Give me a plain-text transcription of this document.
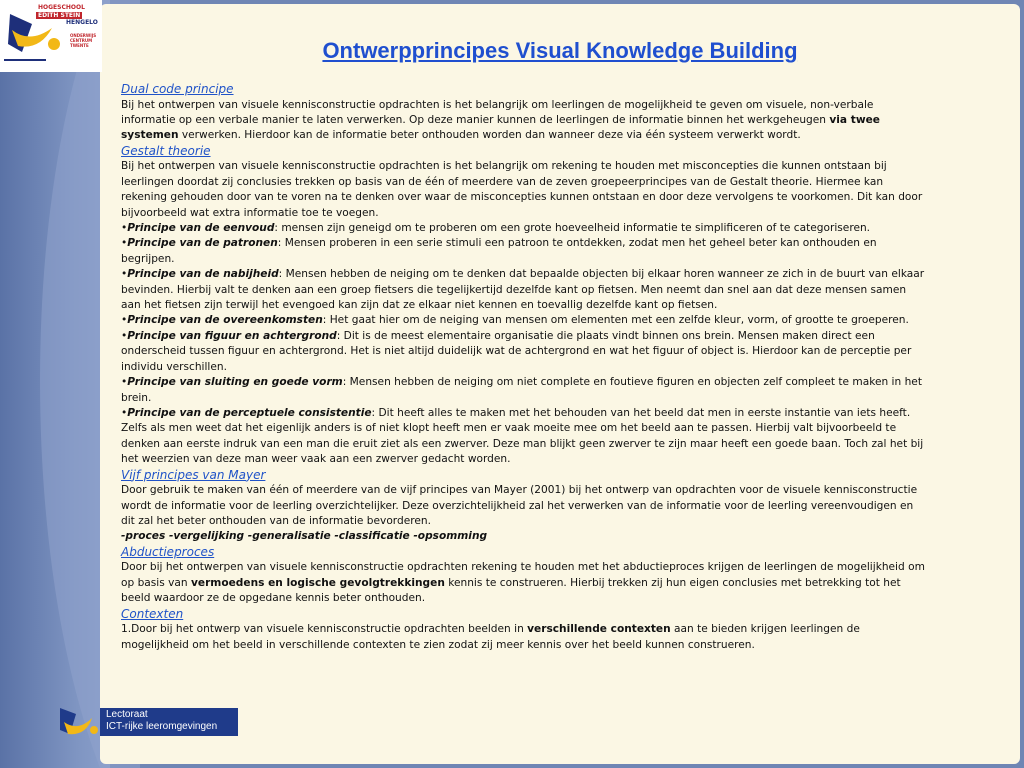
HOGESCHOOL
EDITH STEIN
HENGELO
ONDERWIJS
CENTRUM
TWENTE	Ontwerpprincipes Visual Knowledge Building

Dual code principe

Bij het ontwerpen van visuele kennisconstructie opdrachten is het belangrijk om leerlingen de mogelijkheid te geven om visuele, non-verbale informatie op een verbale manier te laten verwerken. Op deze manier kunnen de leerlingen de informatie binnen het werkgeheugen via twee systemen verwerken. Hierdoor kan de informatie beter onthouden worden dan wanneer deze via één systeem verwerkt wordt.

Gestalt theorie

Bij het ontwerpen van visuele kennisconstructie opdrachten is het belangrijk om rekening te houden met misconcepties die kunnen ontstaan bij leerlingen doordat zij conclusies trekken op basis van de één of meerdere van de zeven groepeerprincipes van de Gestalt theorie. Hiermee kan rekening gehouden door van te voren na te denken over waar de misconcepties kunnen ontstaan en door deze vervolgens te voorkomen. Dit kan door bijvoorbeeld wat extra informatie toe te voegen.

•Principe van de eenvoud: mensen zijn geneigd om te proberen om een grote hoeveelheid informatie te simplificeren of te categoriseren.

•Principe van de patronen: Mensen proberen in een serie stimuli een patroon te ontdekken, zodat men het geheel beter kan onthouden en begrijpen.

•Principe van de nabijheid: Mensen hebben de neiging om te denken dat bepaalde objecten bij elkaar horen wanneer ze zich in de buurt van elkaar bevinden. Hierbij valt te denken aan een groep fietsers die tegelijkertijd dezelfde kant op fietsen. Men neemt dan snel aan dat deze mensen samen aan het fietsen zijn terwijl het evengoed kan zijn dat ze elkaar niet kennen en toevallig dezelfde kant op fietsen.

•Principe van de overeenkomsten: Het gaat hier om de neiging van mensen om elementen met een zelfde kleur, vorm, of grootte te groeperen.

•Principe van figuur en achtergrond: Dit is de meest elementaire organisatie die plaats vindt binnen ons brein. Mensen maken direct een onderscheid tussen figuur en achtergrond. Het is niet altijd duidelijk wat de achtergrond en wat het figuur of object is. Hierdoor kan de perceptie per individu verschillen.

•Principe van sluiting en goede vorm: Mensen hebben de neiging om niet complete en foutieve figuren en objecten zelf compleet te maken in het brein.

•Principe van de perceptuele consistentie: Dit heeft alles te maken met het behouden van het beeld dat men in eerste instantie van iets heeft. Zelfs als men weet dat het eigenlijk anders is of niet klopt heeft men er vaak moeite mee om het beeld aan te passen. Hierbij valt bijvoorbeeld te denken aan eerste indruk van een man die eruit ziet als een zwerver. Deze man blijkt geen zwerver te zijn maar heeft een goede baan. Toch zal het bij het weerzien van deze man weer vaak aan een zwerver gedacht worden.

Vijf principes van Mayer

Door gebruik te maken van één of meerdere van de vijf principes van Mayer (2001) bij het ontwerp van opdrachten voor de visuele kennisconstructie wordt de informatie voor de leerling overzichtelijker. Deze overzichtelijkheid zal het verwerken van de informatie voor de leerling vereenvoudigen en dit zal het beter onthouden van de informatie bevorderen.

-proces -vergelijking -generalisatie -classificatie -opsomming

Abductieproces

Door bij het ontwerpen van visuele kennisconstructie opdrachten rekening te houden met het abductieproces krijgen de leerlingen de mogelijkheid om op basis van vermoedens en logische gevolgtrekkingen kennis te construeren. Hierbij trekken zij hun eigen conclusies met betrekking tot het beeld waardoor ze de opgedane kennis beter onthouden.

Contexten

1.Door bij het ontwerp van visuele kennisconstructie opdrachten beelden in verschillende contexten aan te bieden krijgen leerlingen de mogelijkheid om het beeld in verschillende contexten te zien zodat zij meer kennis over het beeld kunnen construeren.

Lectoraat
ICT-rijke leeromgevingen
